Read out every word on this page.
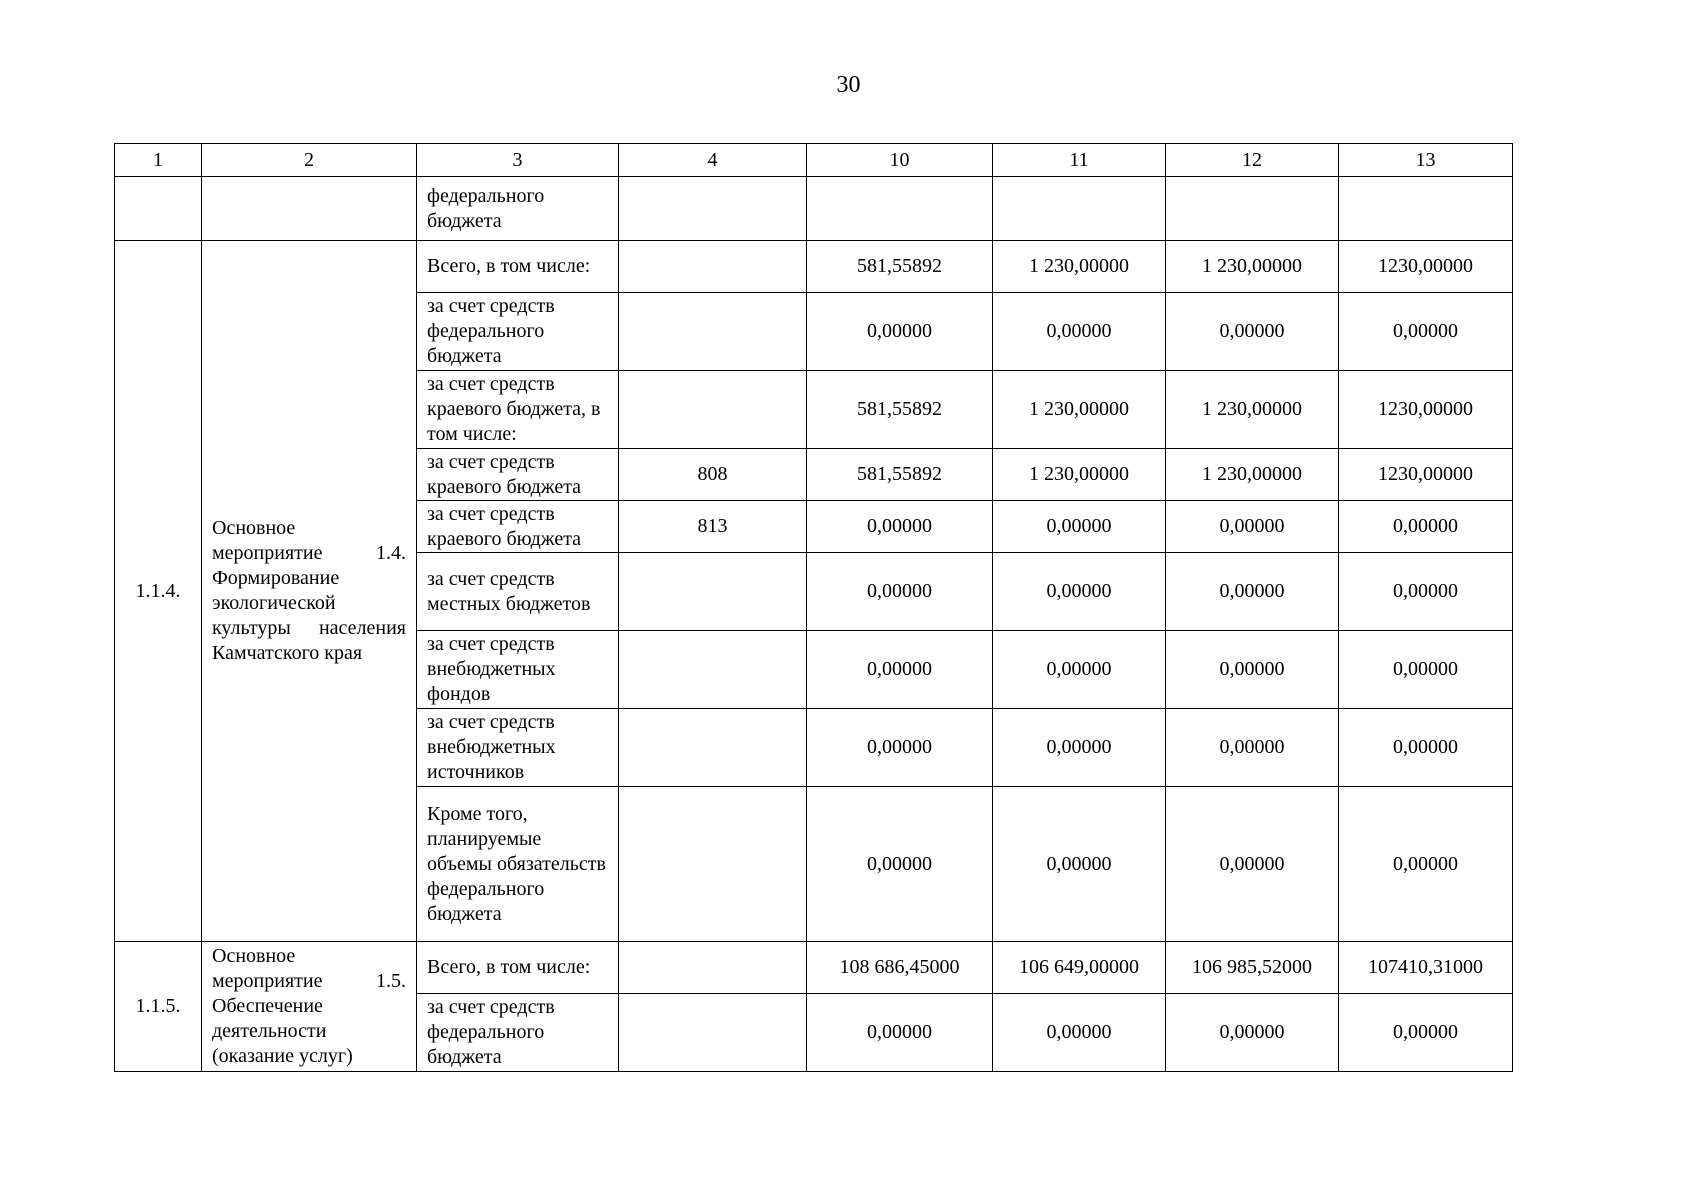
30
1	2	3	4	10	11	12	13
		федерального бюджета					
1.1.4.	Основное мероприятие 1.4. Формирование экологической культуры населения Камчатского края	Всего, в том числе:		581,55892	1 230,00000	1 230,00000	1230,00000
		за счет средств федерального бюджета		0,00000	0,00000	0,00000	0,00000
		за счет средств краевого бюджета, в том числе:		581,55892	1 230,00000	1 230,00000	1230,00000
		за счет средств краевого бюджета	808	581,55892	1 230,00000	1 230,00000	1230,00000
		за счет средств краевого бюджета	813	0,00000	0,00000	0,00000	0,00000
		за счет средств местных бюджетов		0,00000	0,00000	0,00000	0,00000
		за счет средств внебюджетных фондов		0,00000	0,00000	0,00000	0,00000
		за счет средств внебюджетных источников		0,00000	0,00000	0,00000	0,00000
		Кроме того, планируемые объемы обязательств федерального бюджета		0,00000	0,00000	0,00000	0,00000
1.1.5.	Основное мероприятие 1.5. Обеспечение деятельности (оказание услуг)	Всего, в том числе:		108 686,45000	106 649,00000	106 985,52000	107410,31000
		за счет средств федерального бюджета		0,00000	0,00000	0,00000	0,00000
